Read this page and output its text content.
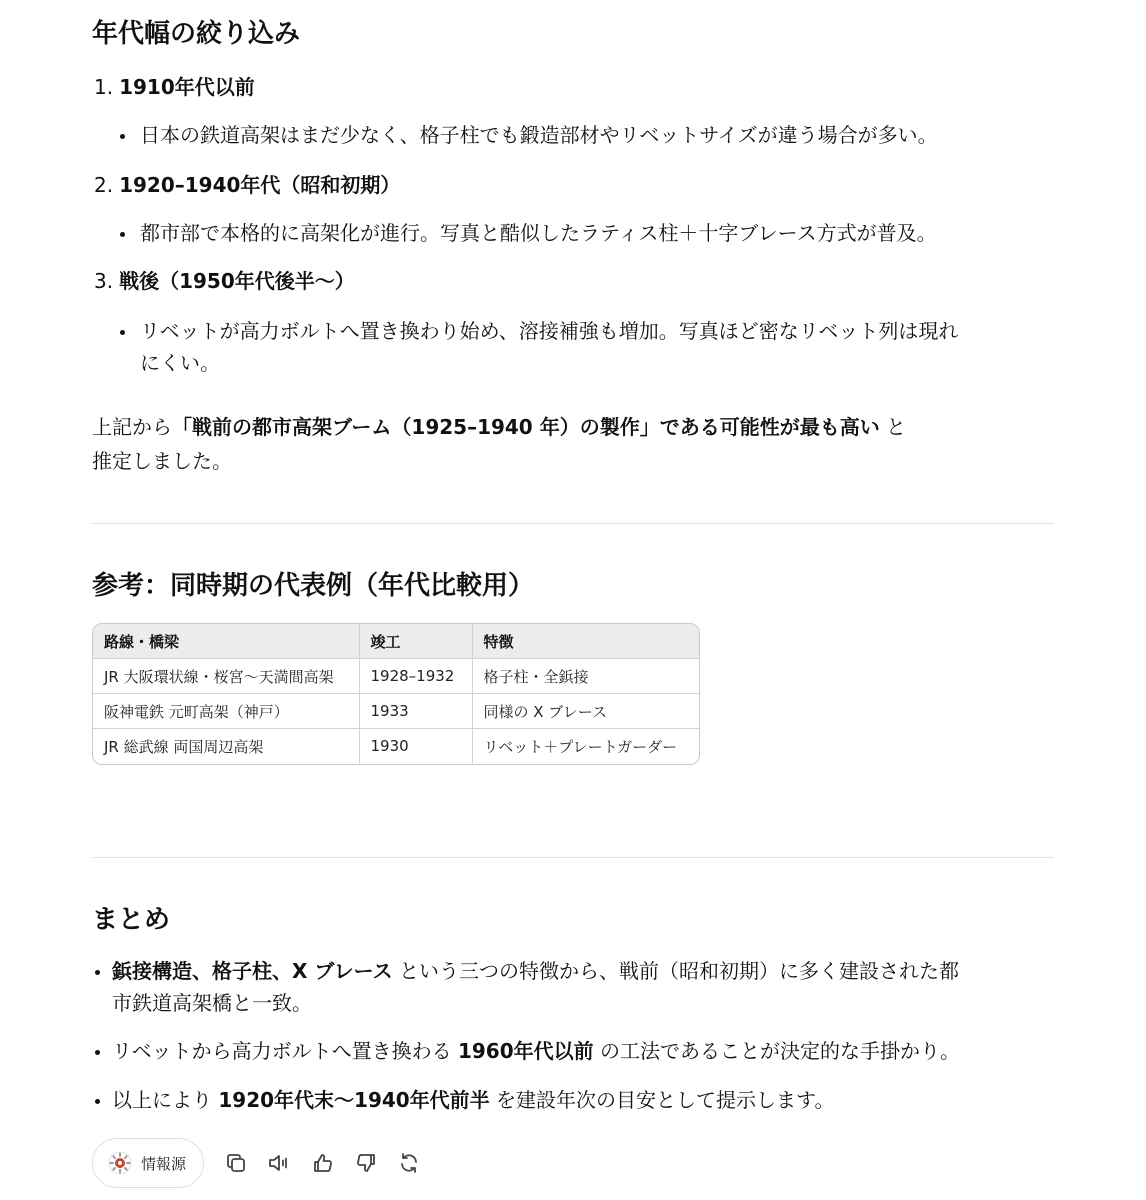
年代幅の絞り込み
1. 1910年代以前
日本の鉄道高架はまだ少なく、格子柱でも鍛造部材やリベットサイズが違う場合が多い。
2. 1920–1940年代（昭和初期）
都市部で本格的に高架化が進行。写真と酷似したラティス柱＋十字ブレース方式が普及。
3. 戦後（1950年代後半〜）
リベットが高力ボルトへ置き換わり始め、溶接補強も増加。写真ほど密なリベット列は現れ
にくい。
上記から「戦前の都市高架ブーム（1925–1940 年）の製作」である可能性が最も高い と
推定しました。
参考：同時期の代表例（年代比較用）
路線・橋梁	竣工	特徴
JR 大阪環状線・桜宮〜天満間高架	1928–1932	格子柱・全鋲接
阪神電鉄 元町高架（神戸）	1933	同様の X ブレース
JR 総武線 両国周辺高架	1930	リベット＋プレートガーダー
まとめ
鋲接構造、格子柱、X ブレース という三つの特徴から、戦前（昭和初期）に多く建設された都
市鉄道高架橋と一致。
リベットから高力ボルトへ置き換わる 1960年代以前 の工法であることが決定的な手掛かり。
以上により 1920年代末〜1940年代前半 を建設年次の目安として提示します。
情報源
